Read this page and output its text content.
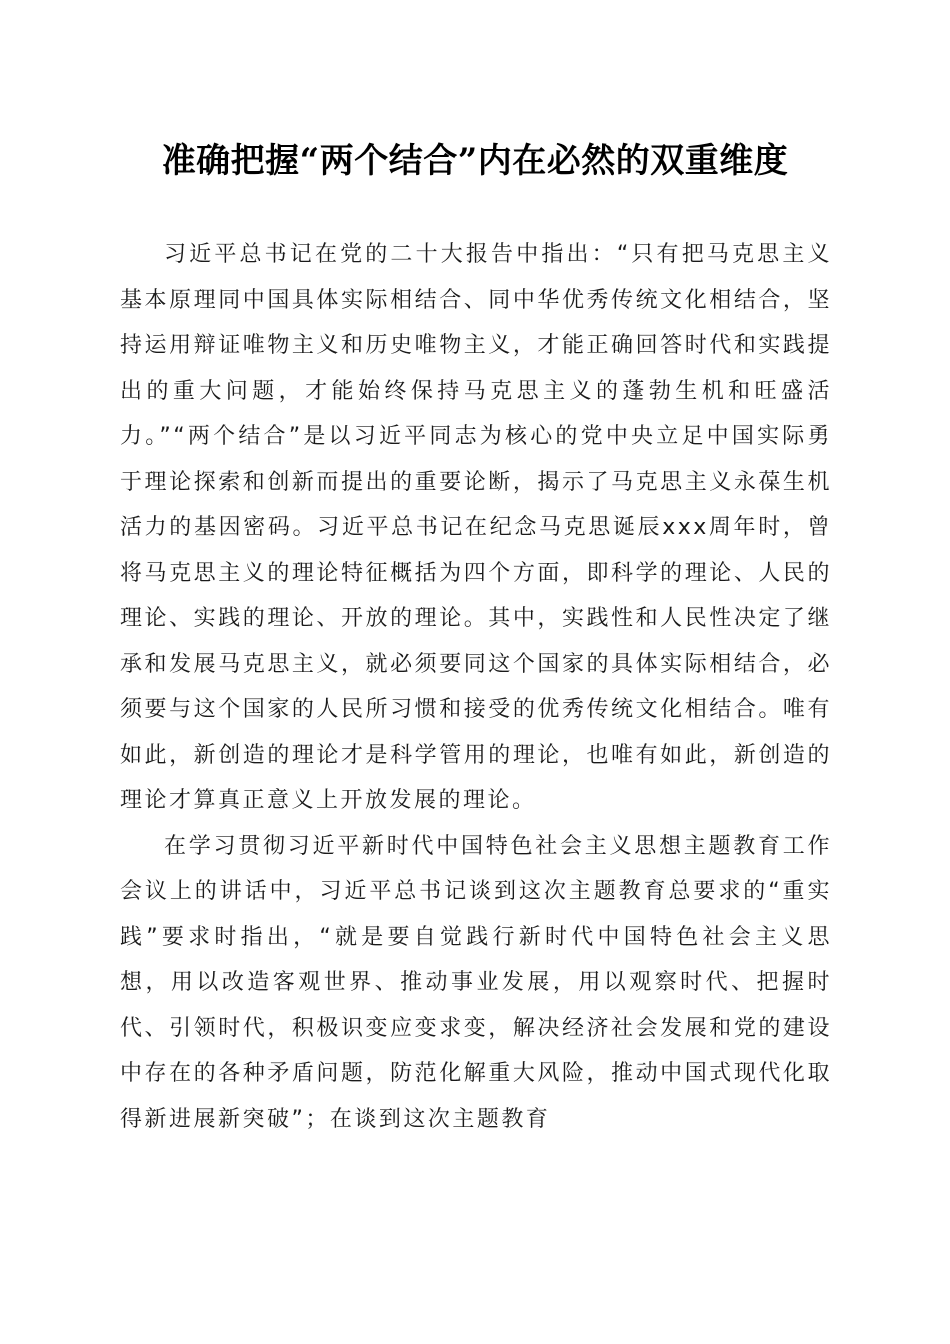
准确把握“两个结合”内在必然的双重维度

习近平总书记在党的二十大报告中指出：“只有把马克思主义基本原理同中国具体实际相结合、同中华优秀传统文化相结合，坚持运用辩证唯物主义和历史唯物主义，才能正确回答时代和实践提出的重大问题，才能始终保持马克思主义的蓬勃生机和旺盛活力。”“两个结合”是以习近平同志为核心的党中央立足中国实际勇于理论探索和创新而提出的重要论断，揭示了马克思主义永葆生机活力的基因密码。习近平总书记在纪念马克思诞辰xxx周年时，曾将马克思主义的理论特征概括为四个方面，即科学的理论、人民的理论、实践的理论、开放的理论。其中，实践性和人民性决定了继承和发展马克思主义，就必须要同这个国家的具体实际相结合，必须要与这个国家的人民所习惯和接受的优秀传统文化相结合。唯有如此，新创造的理论才是科学管用的理论，也唯有如此，新创造的理论才算真正意义上开放发展的理论。

在学习贯彻习近平新时代中国特色社会主义思想主题教育工作会议上的讲话中，习近平总书记谈到这次主题教育总要求的“重实践”要求时指出，“就是要自觉践行新时代中国特色社会主义思想，用以改造客观世界、推动事业发展，用以观察时代、把握时代、引领时代，积极识变应变求变，解决经济社会发展和党的建设中存在的各种矛盾问题，防范化解重大风险，推动中国式现代化取得新进展新突破”；在谈到这次主题教育
